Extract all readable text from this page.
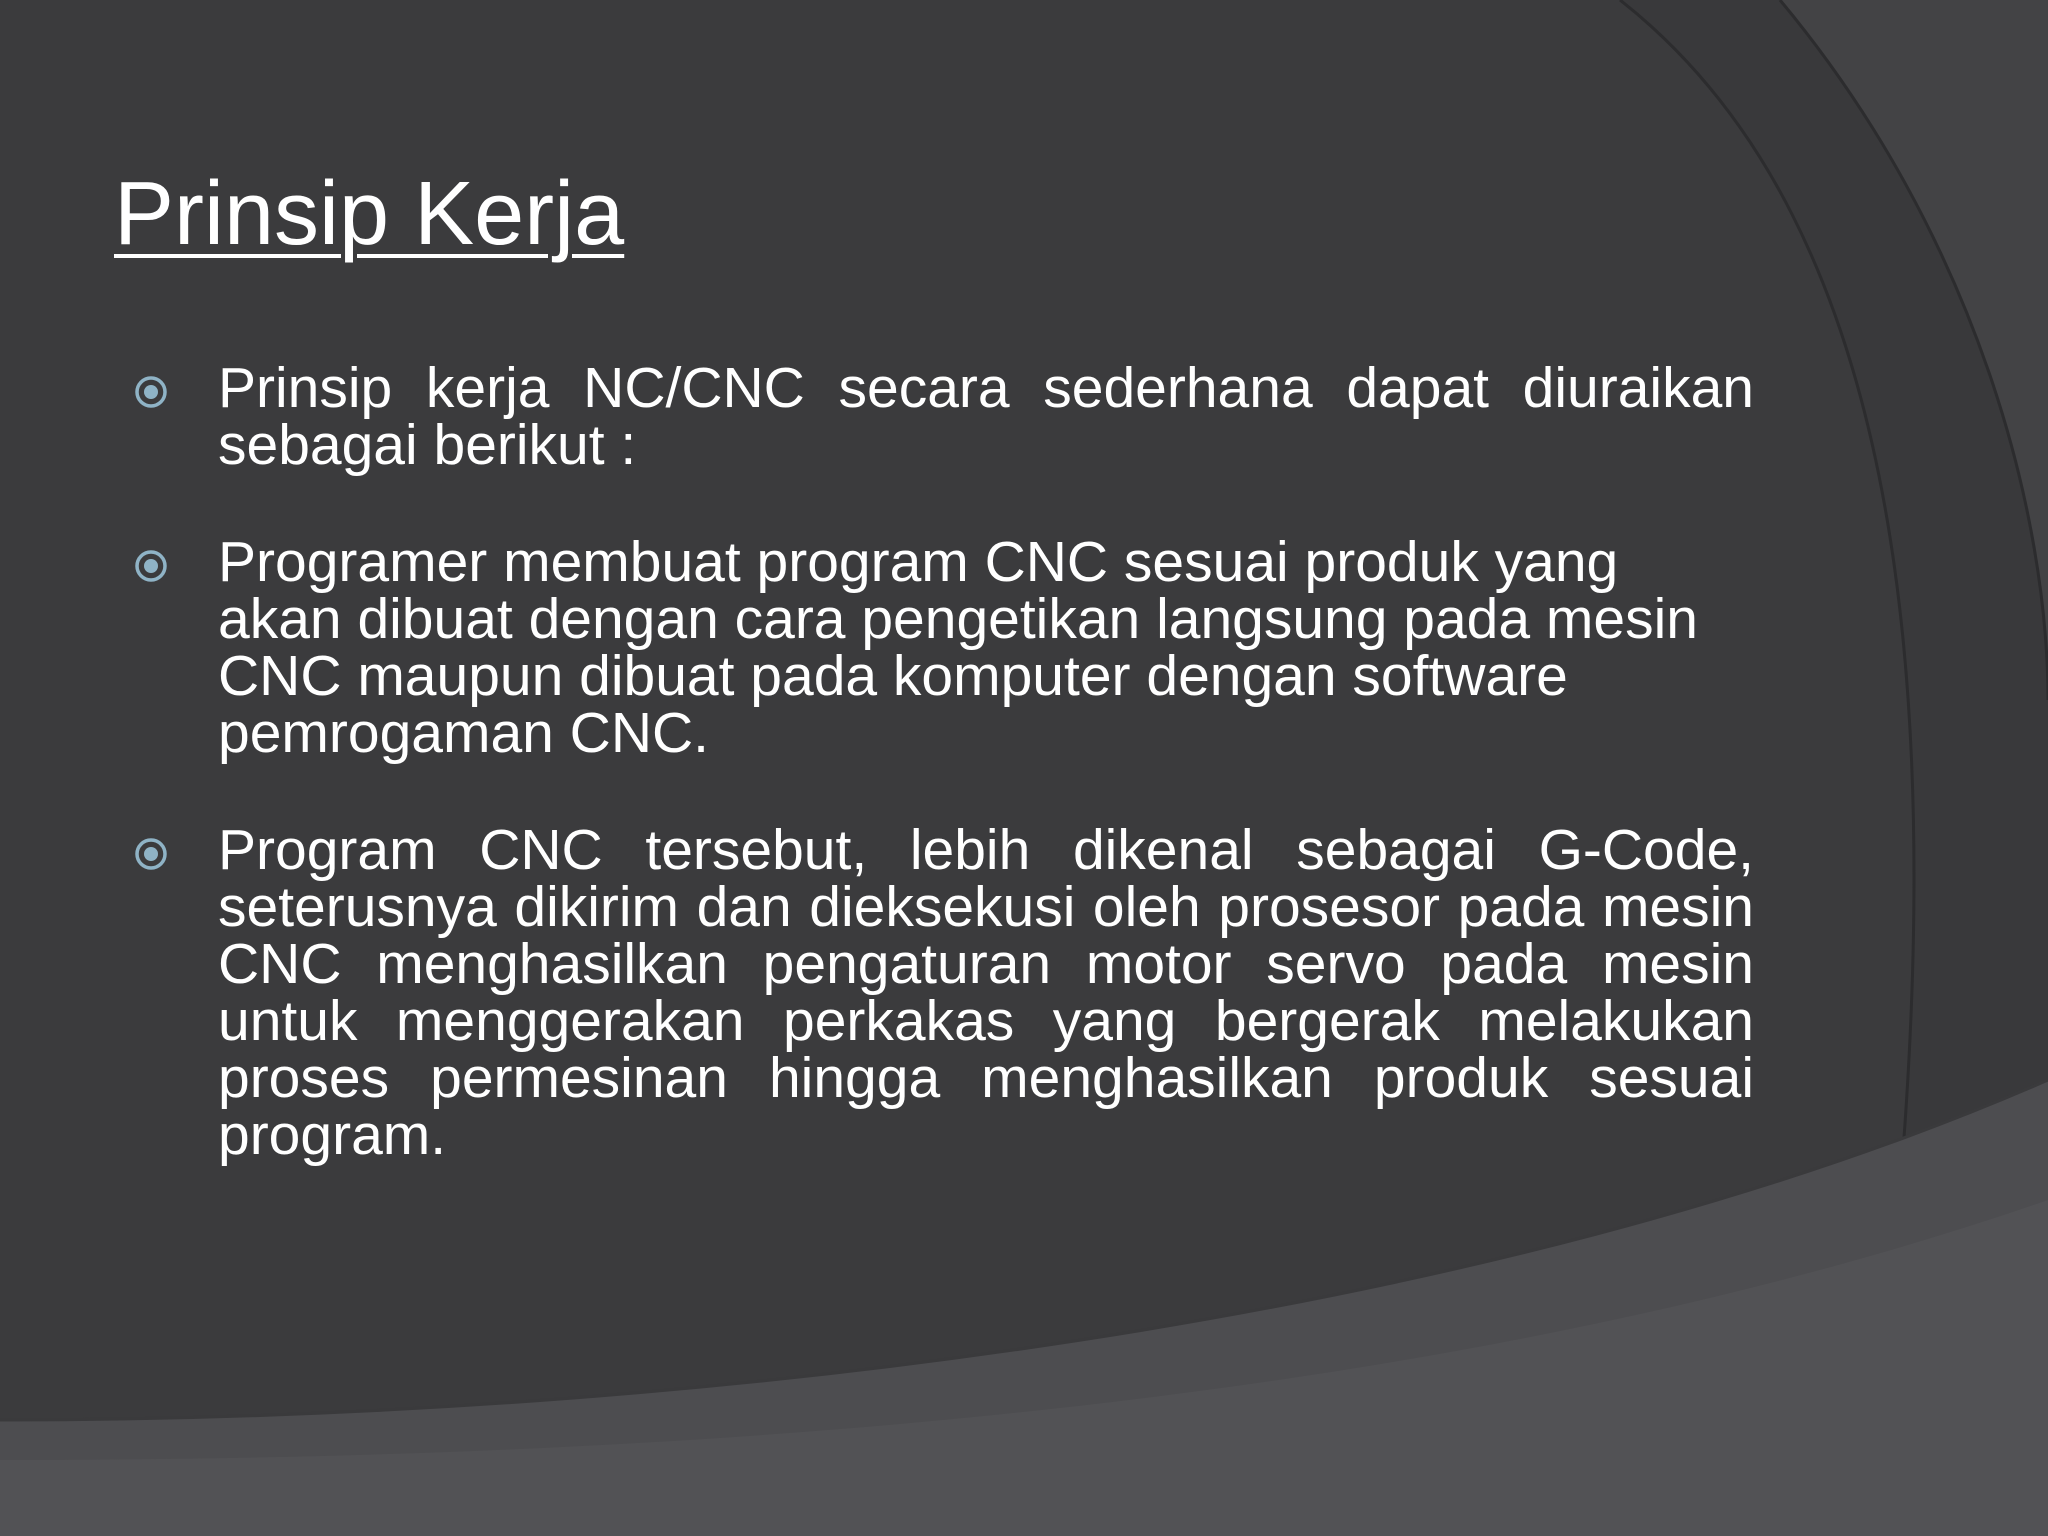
Prinsip Kerja
Prinsip kerja NC/CNC secara sederhana dapat diuraikan sebagai berikut :
Programer membuat program CNC sesuai produk yang akan dibuat dengan cara pengetikan langsung pada mesin CNC maupun dibuat pada komputer dengan software pemrogaman CNC.
Program CNC tersebut, lebih dikenal sebagai G-Code, seterusnya dikirim dan dieksekusi oleh prosesor pada mesin CNC menghasilkan pengaturan motor servo pada mesin untuk menggerakan perkakas yang bergerak melakukan proses permesinan hingga menghasilkan produk sesuai program.
